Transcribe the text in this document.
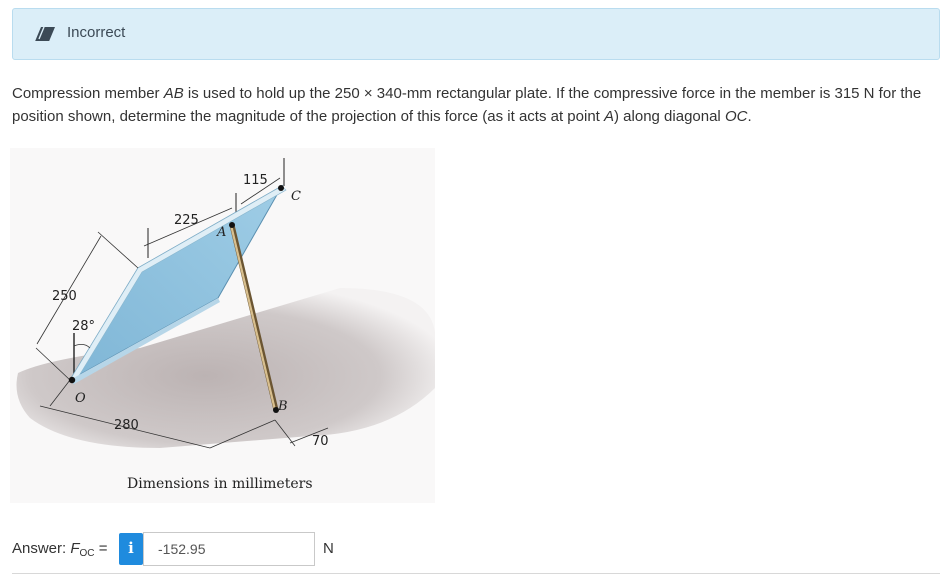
Incorrect
Compression member AB is used to hold up the 250 × 340-mm rectangular plate. If the compressive force in the member is 315 N for the position shown, determine the magnitude of the projection of this force (as it acts at point A) along diagonal OC.
115
225
250
28°
280
70
A
B
C
O
Dimensions in millimeters
Answer: $F_{OC}$ =	i
-152.95	N
